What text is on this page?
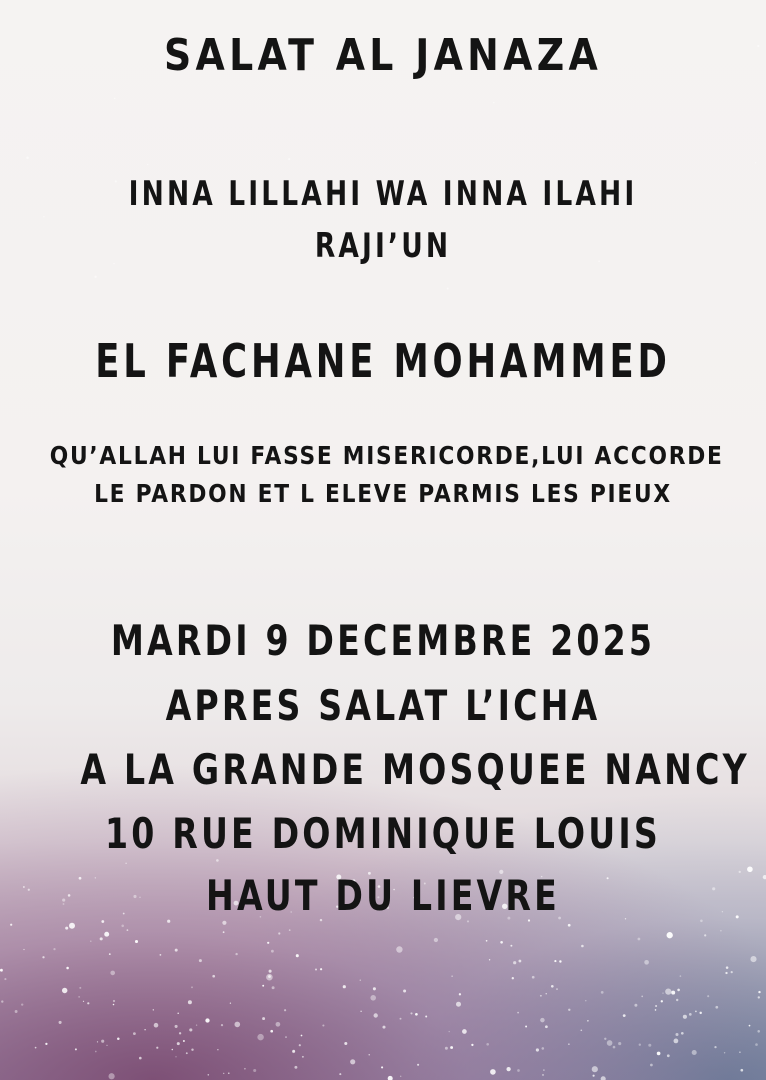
SALAT AL JANAZA
INNA LILLAHI WA INNA ILAHI
RAJI’UN
EL FACHANE MOHAMMED
QU’ALLAH LUI FASSE MISERICORDE,LUI ACCORDE
LE PARDON ET L ELEVE PARMIS LES PIEUX
MARDI 9 DECEMBRE 2025
APRES SALAT L’ICHA
A LA GRANDE MOSQUEE NANCY
10 RUE DOMINIQUE LOUIS
HAUT DU LIEVRE
